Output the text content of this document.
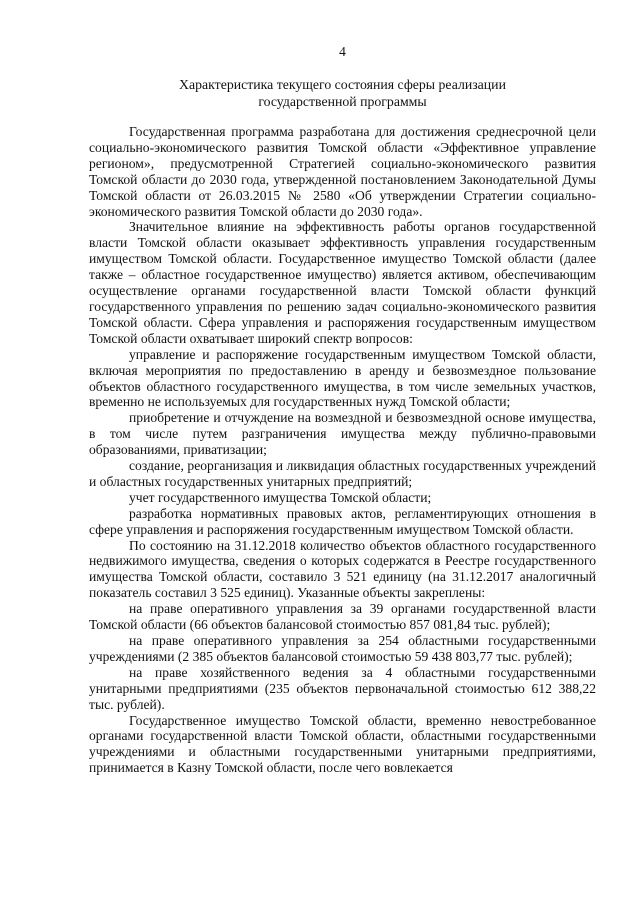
4
Характеристика текущего состояния сферы реализации
государственной программы

Государственная программа разработана для достижения среднесрочной цели социально-экономического развития Томской области «Эффективное управление регионом», предусмотренной Стратегией социально-экономического развития Томской области до 2030 года, утвержденной постановлением Законодательной Думы Томской области от 26.03.2015 № 2580 «Об утверждении Стратегии социально-экономического развития Томской области до 2030 года».

Значительное влияние на эффективность работы органов государственной власти Томской области оказывает эффективность управления государственным имуществом Томской области. Государственное имущество Томской области (далее также – областное государственное имущество) является активом, обеспечивающим осуществление органами государственной власти Томской области функций государственного управления по решению задач социально-экономического развития Томской области. Сфера управления и распоряжения государственным имуществом Томской области охватывает широкий спектр вопросов:

управление и распоряжение государственным имуществом Томской области, включая мероприятия по предоставлению в аренду и безвозмездное пользование объектов областного государственного имущества, в том числе земельных участков, временно не используемых для государственных нужд Томской области;

приобретение и отчуждение на возмездной и безвозмездной основе имущества, в том числе путем разграничения имущества между публично-правовыми образованиями, приватизации;

создание, реорганизация и ликвидация областных государственных учреждений и областных государственных унитарных предприятий;

учет государственного имущества Томской области;

разработка нормативных правовых актов, регламентирующих отношения в сфере управления и распоряжения государственным имуществом Томской области.

По состоянию на 31.12.2018 количество объектов областного государственного недвижимого имущества, сведения о которых содержатся в Реестре государственного имущества Томской области, составило 3 521 единицу (на 31.12.2017 аналогичный показатель составил 3 525 единиц). Указанные объекты закреплены:

на праве оперативного управления за 39 органами государственной власти Томской области (66 объектов балансовой стоимостью 857 081,84 тыс. рублей);

на праве оперативного управления за 254 областными государственными учреждениями (2 385 объектов балансовой стоимостью 59 438 803,77 тыс. рублей);

на праве хозяйственного ведения за 4 областными государственными унитарными предприятиями (235 объектов первоначальной стоимостью 612 388,22 тыс. рублей).

Государственное имущество Томской области, временно невостребованное органами государственной власти Томской области, областными государственными учреждениями и областными государственными унитарными предприятиями, принимается в Казну Томской области, после чего вовлекается
